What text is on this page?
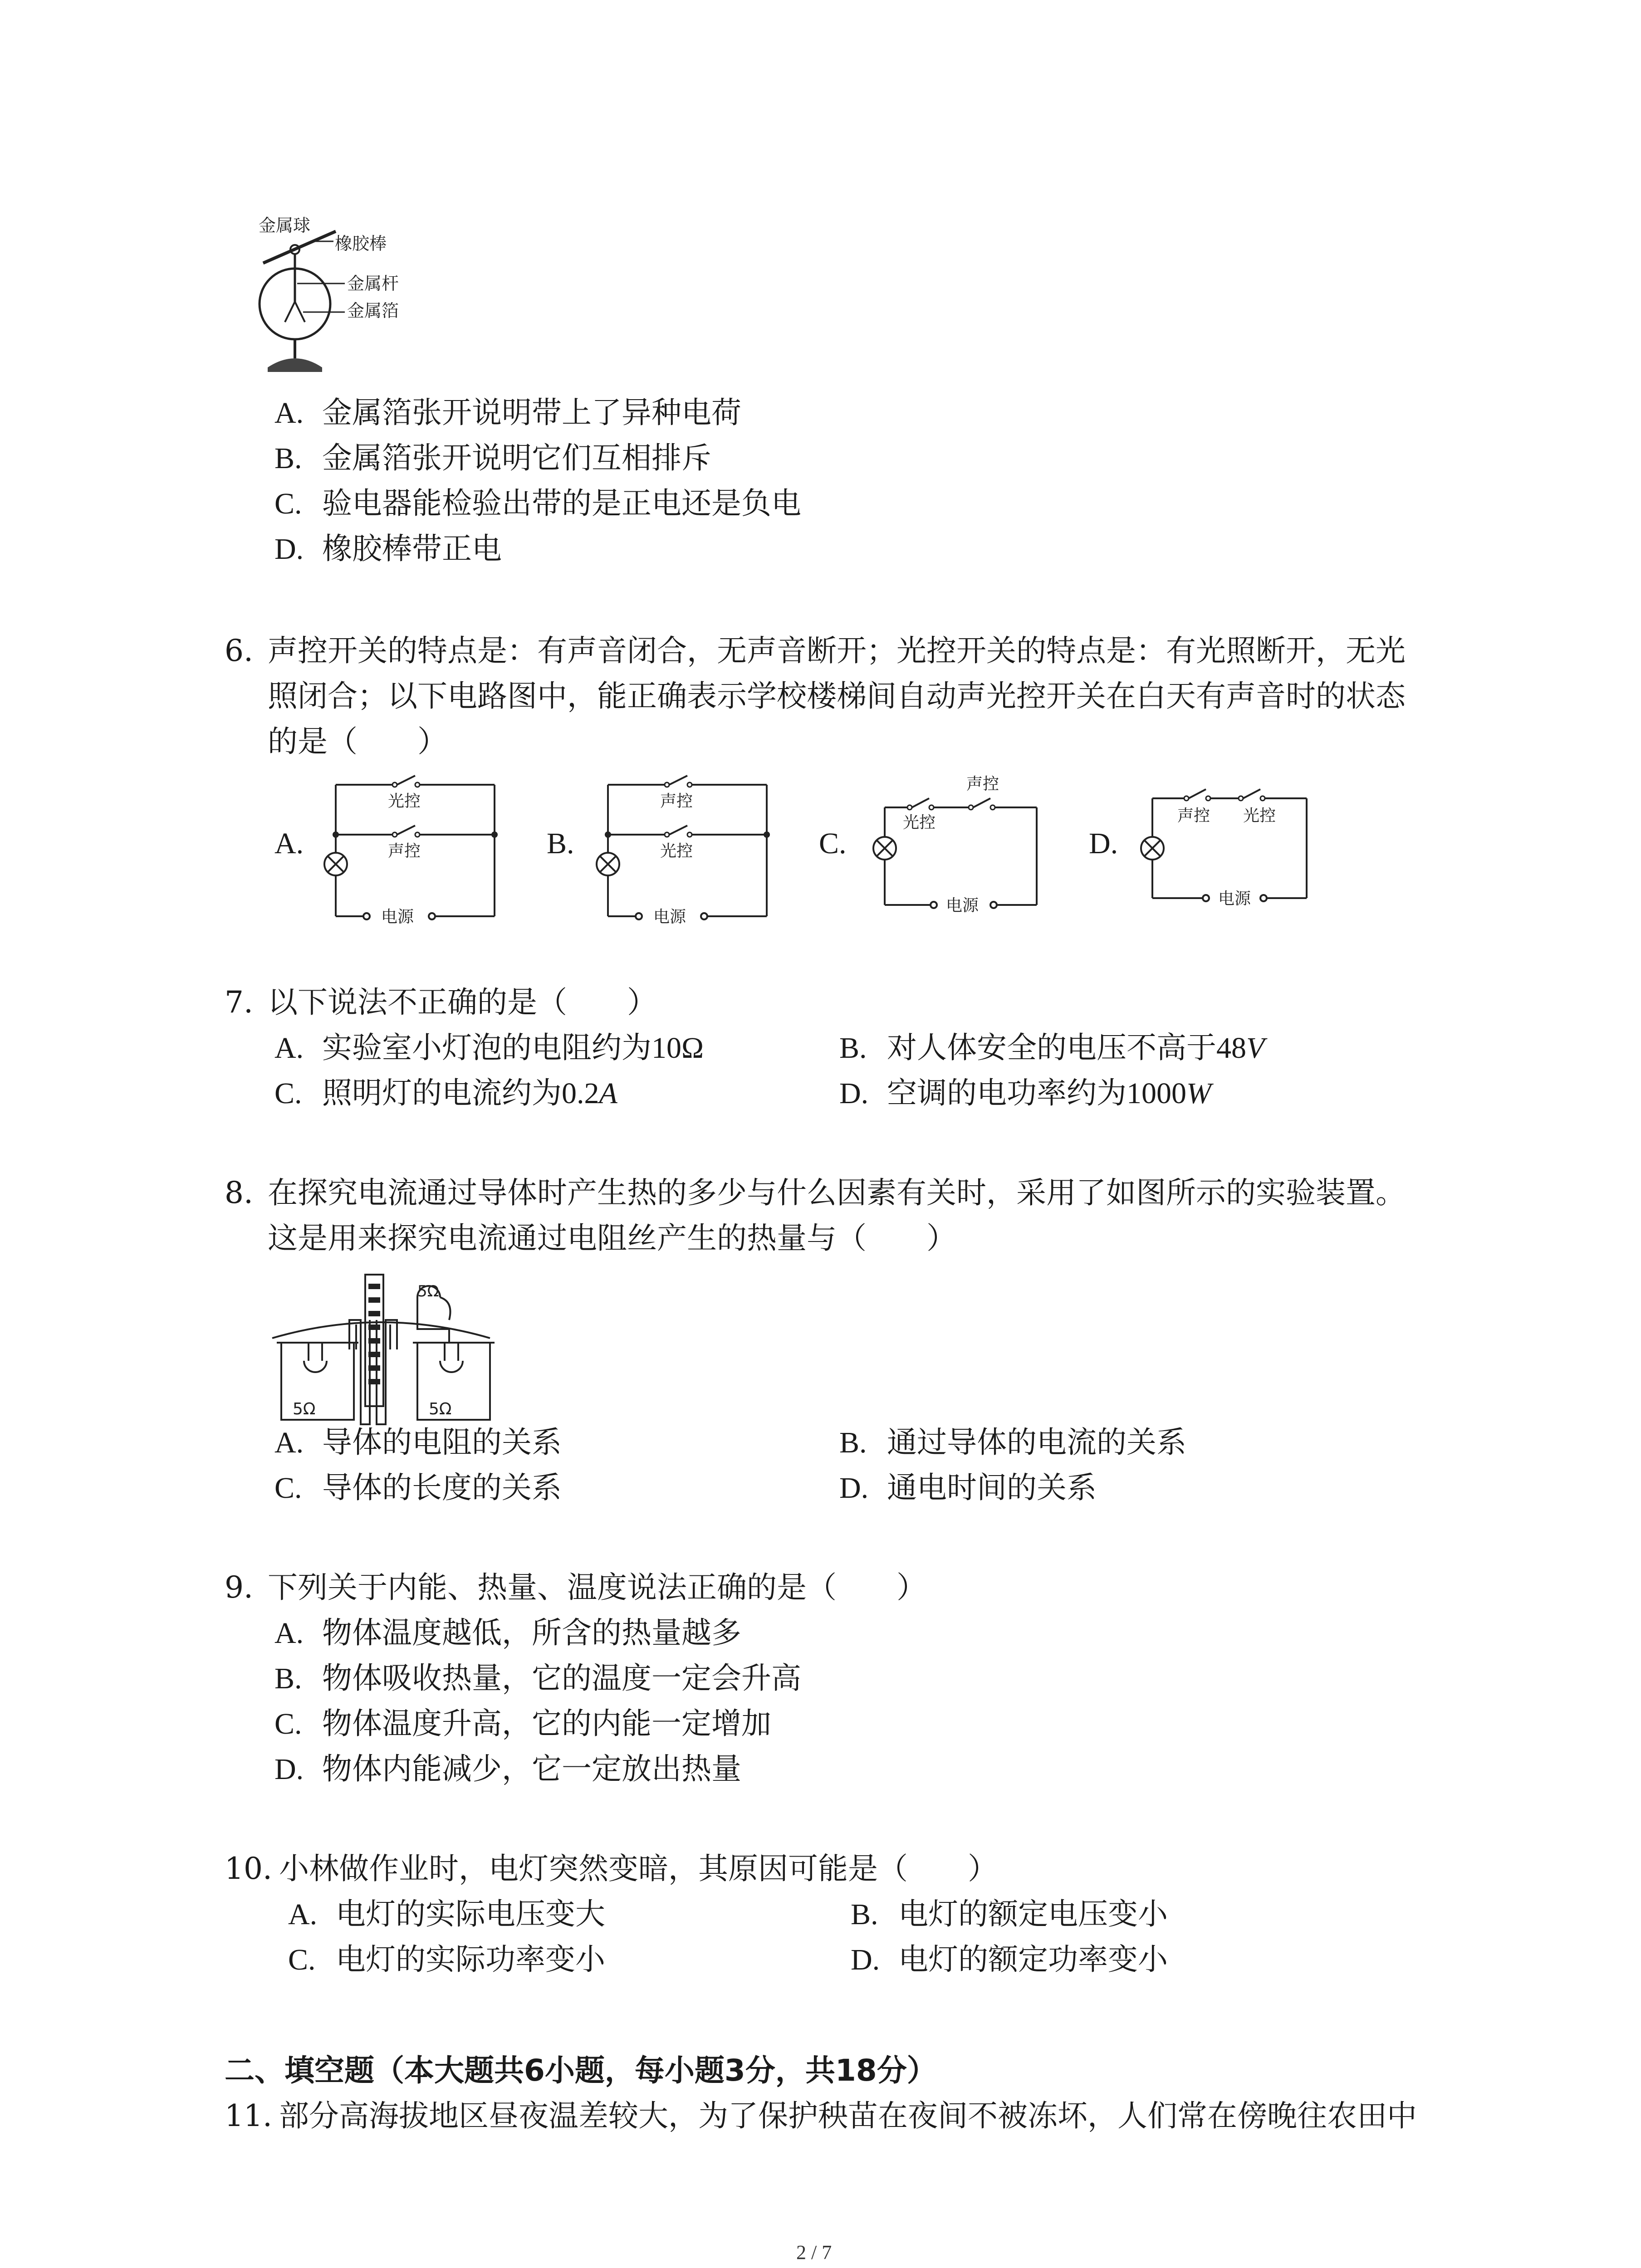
金属球
橡胶棒
金属杆
金属箔
A. 金属箔张开说明带上了异种电荷
B. 金属箔张开说明它们互相排斥
C. 验电器能检验出带的是正电还是负电
D. 橡胶棒带正电
6. 声控开关的特点是：有声音闭合，无声音断开；光控开关的特点是：有光照断开，无光
照闭合；以下电路图中，能正确表示学校楼梯间自动声光控开关在白天有声音时的状态
的是（　　）
A.
光控
声控
电源
B.
声控
光控
电源
C.
光控
声控
电源
D.
声控 光控
电源
7. 以下说法不正确的是（　　）
A. 实验室小灯泡的电阻约为10Ω	B. 对人体安全的电压不高于48V
C. 照明灯的电流约为0.2A	D. 空调的电功率约为1000W
8. 在探究电流通过导体时产生热的多少与什么因素有关时，采用了如图所示的实验装置。
这是用来探究电流通过电阻丝产生的热量与（　　）
5Ω	5Ω
5Ω
A. 导体的电阻的关系	B. 通过导体的电流的关系
C. 导体的长度的关系	D. 通电时间的关系
9. 下列关于内能、热量、温度说法正确的是（　　）
A. 物体温度越低，所含的热量越多
B. 物体吸收热量，它的温度一定会升高
C. 物体温度升高，它的内能一定增加
D. 物体内能减少，它一定放出热量
10. 小林做作业时，电灯突然变暗，其原因可能是（　　）
A. 电灯的实际电压变大	B. 电灯的额定电压变小
C. 电灯的实际功率变小	D. 电灯的额定功率变小
二、填空题（本大题共6小题，每小题3分，共18分）
11. 部分高海拔地区昼夜温差较大，为了保护秧苗在夜间不被冻坏，人们常在傍晚往农田中
2 / 7
